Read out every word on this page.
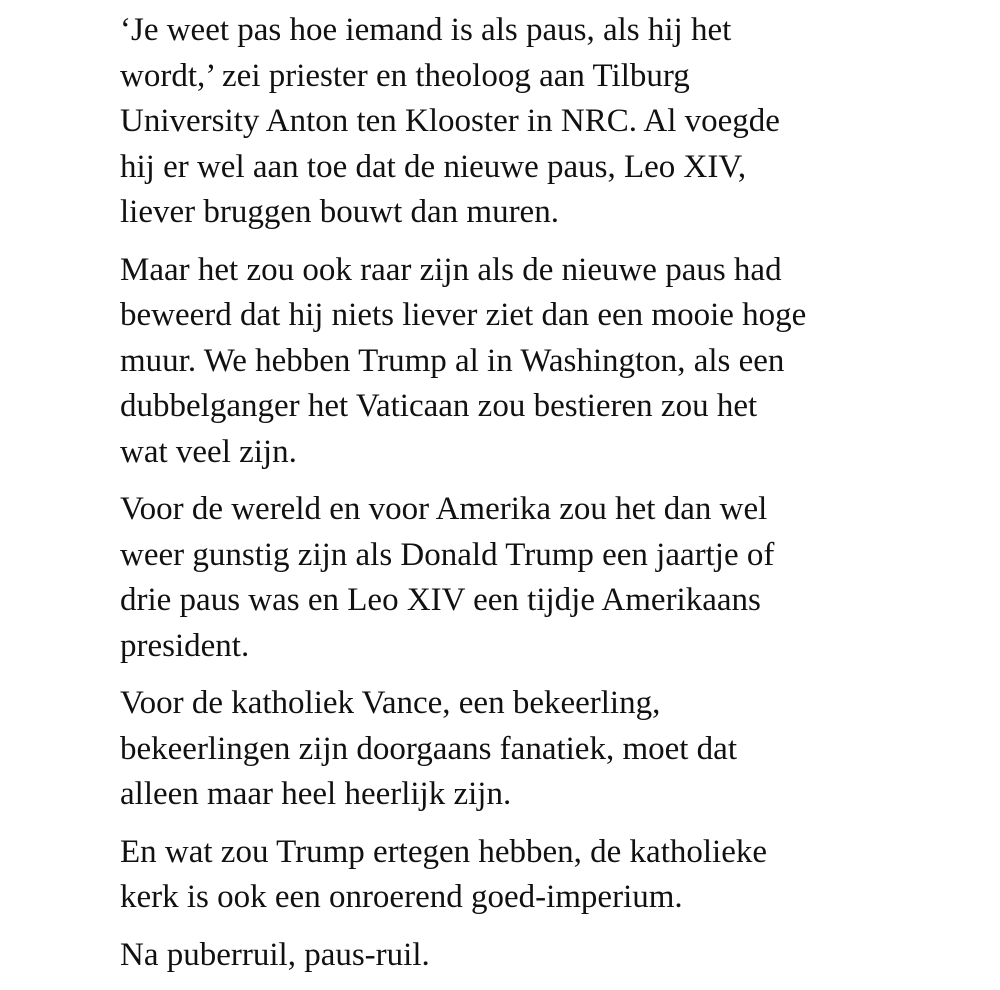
‘Je weet pas hoe iemand is als paus, als hij het
wordt,’ zei priester en theoloog aan Tilburg
University Anton ten Klooster in NRC. Al voegde
hij er wel aan toe dat de nieuwe paus, Leo XIV,
liever bruggen bouwt dan muren.

Maar het zou ook raar zijn als de nieuwe paus had
beweerd dat hij niets liever ziet dan een mooie hoge
muur. We hebben Trump al in Washington, als een
dubbelganger het Vaticaan zou bestieren zou het
wat veel zijn.

Voor de wereld en voor Amerika zou het dan wel
weer gunstig zijn als Donald Trump een jaartje of
drie paus was en Leo XIV een tijdje Amerikaans
president.

Voor de katholiek Vance, een bekeerling,
bekeerlingen zijn doorgaans fanatiek, moet dat
alleen maar heel heerlijk zijn.

En wat zou Trump ertegen hebben, de katholieke
kerk is ook een onroerend goed-imperium.

Na puberruil, paus-ruil.
